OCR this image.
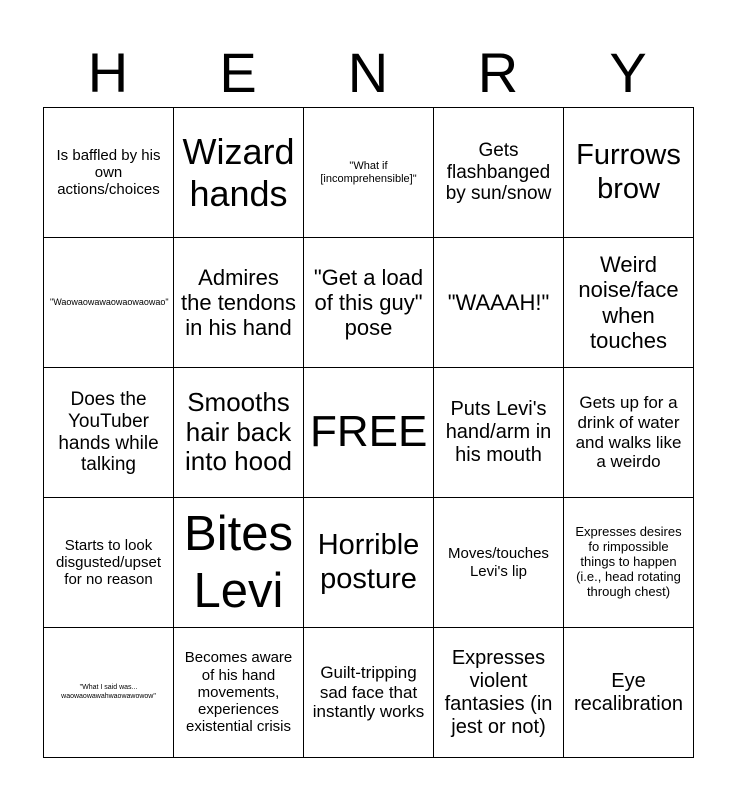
H	E	N	R	Y
Is baffled by his own actions/choices	Wizard hands	"What if [incomprehensible]"	Gets flashbanged by sun/snow	Furrows brow
"Waowaowawaowaowaowao"	Admires the tendons in his hand	"Get a load of this guy" pose	"WAAAH!"	Weird noise/face when touches
Does the YouTuber hands while talking	Smooths hair back into hood	FREE	Puts Levi's hand/arm in his mouth	Gets up for a drink of water and walks like a weirdo
Starts to look disgusted/upset for no reason	Bites Levi	Horrible posture	Moves/touches Levi's lip	Expresses desires fo rimpossible things to happen (i.e., head rotating through chest)
"What I said was... waowaowawahwaowawowow"	Becomes aware of his hand movements, experiences existential crisis	Guilt-tripping sad face that instantly works	Expresses violent fantasies (in jest or not)	Eye recalibration
